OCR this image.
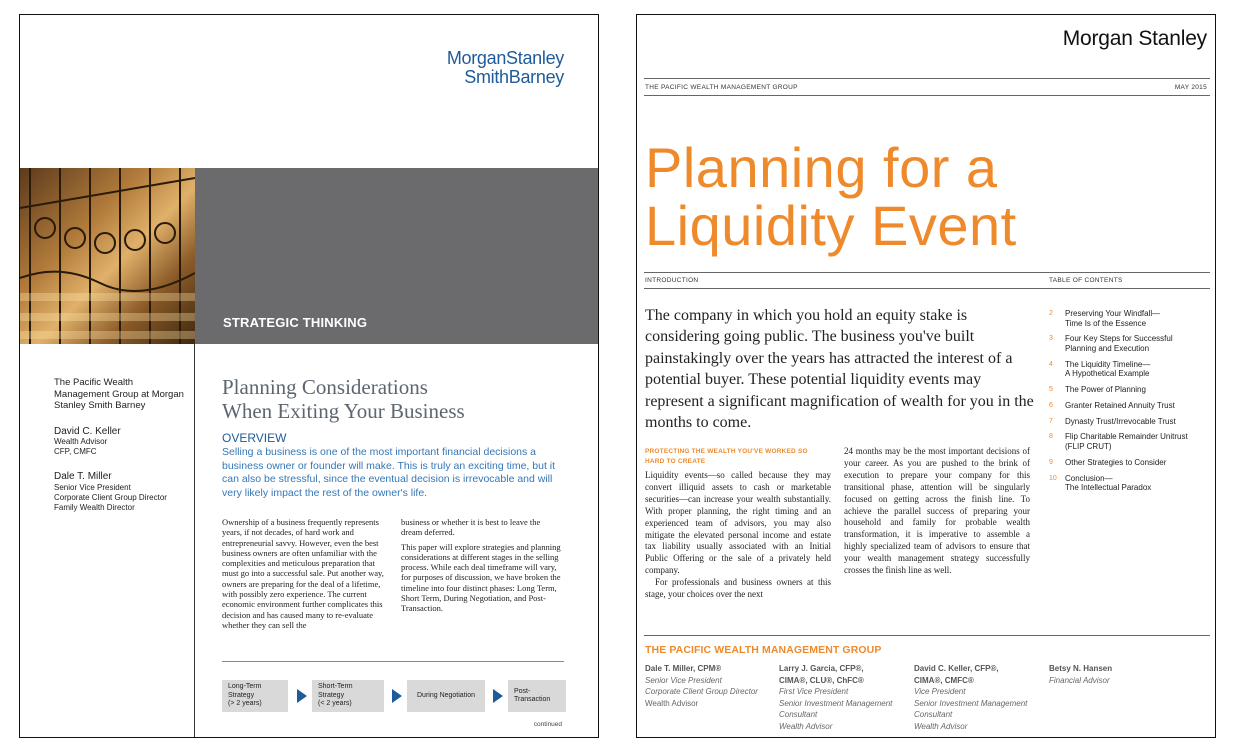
MorganStanley
SmithBarney
STRATEGIC THINKING
The Pacific Wealth Management Group at Morgan Stanley Smith Barney
David C. Keller
Wealth Advisor
CFP, CMFC
Dale T. Miller
Senior Vice President
Corporate Client Group Director
Family Wealth Director
Planning Considerations
When Exiting Your Business
OVERVIEW
Selling a business is one of the most important financial decisions a business owner or founder will make. This is truly an exciting time, but it can also be stressful, since the eventual decision is irrevocable and will very likely impact the rest of the owner's life.

Ownership of a business frequently represents years, if not decades, of hard work and entrepreneurial savvy. However, even the best business owners are often unfamiliar with the complexities and meticulous preparation that must go into a successful sale. Put another way, owners are preparing for the deal of a lifetime, with possibly zero experience. The current economic environment further complicates this decision and has caused many to re-evaluate whether they can sell the

business or whether it is best to leave the dream deferred.

This paper will explore strategies and planning considerations at different stages in the selling process. While each deal timeframe will vary, for purposes of discussion, we have broken the timeline into four distinct phases: Long Term, Short Term, During Negotiation, and Post-Transaction.

Long-Term Strategy
(> 2 years)
Short-Term Strategy
(< 2 years)
During Negotiation
Post-Transaction
continued
Morgan Stanley
THE PACIFIC WEALTH MANAGEMENT GROUP	MAY 2015
Planning for a
Liquidity Event
INTRODUCTION	TABLE OF CONTENTS
The company in which you hold an equity stake is considering going public. The business you've built painstakingly over the years has attracted the interest of a potential buyer. These potential liquidity events may represent a significant magnification of wealth for you in the months to come.
PROTECTING THE WEALTH YOU'VE WORKED SO HARD TO CREATE
Liquidity events—so called because they may convert illiquid assets to cash or marketable securities—can increase your wealth substantially. With proper planning, the right timing and an experienced team of advisors, you may also mitigate the elevated personal income and estate tax liability usually associated with an Initial Public Offering or the sale of a privately held company.
For professionals and business owners at this stage, your choices over the next
24 months may be the most important decisions of your career. As you are pushed to the brink of execution to prepare your company for this transitional phase, attention will be singularly focused on getting across the finish line. To achieve the parallel success of preparing your household and family for probable wealth transformation, it is imperative to assemble a highly specialized team of advisors to ensure that your wealth management strategy successfully crosses the finish line as well.
2 Preserving Your Windfall—
Time Is of the Essence
3 Four Key Steps for Successful
Planning and Execution
4 The Liquidity Timeline—
A Hypothetical Example
5 The Power of Planning
6 Granter Retained Annuity Trust
7 Dynasty Trust/Irrevocable Trust
8 Flip Charitable Remainder Unitrust
(FLIP CRUT)
9 Other Strategies to Consider
10 Conclusion—
The Intellectual Paradox
THE PACIFIC WEALTH MANAGEMENT GROUP
Dale T. Miller, CPM®
Senior Vice President
Corporate Client Group Director
Wealth Advisor
Larry J. Garcia, CFP®,
CIMA®, CLU®, ChFC®
First Vice President
Senior Investment Management
Consultant
Wealth Advisor
David C. Keller, CFP®,
CIMA®, CMFC®
Vice President
Senior Investment Management
Consultant
Wealth Advisor
Betsy N. Hansen
Financial Advisor
